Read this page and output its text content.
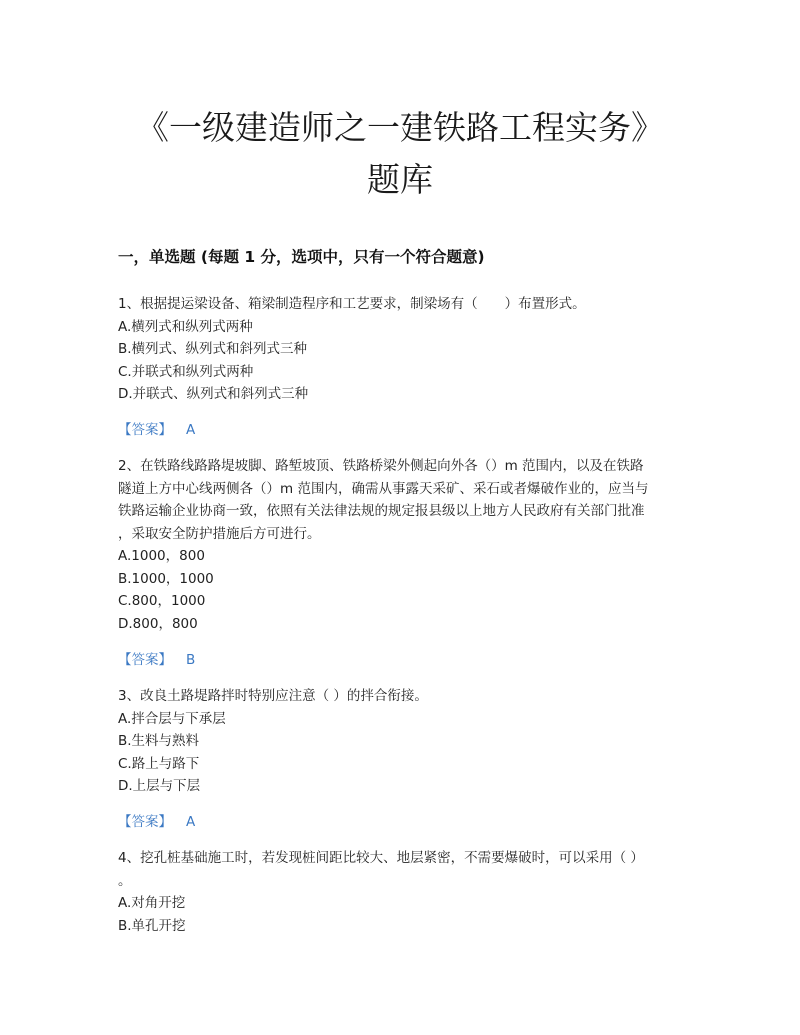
《一级建造师之一建铁路工程实务》
题库
一，单选题 (每题 1 分，选项中，只有一个符合题意)

1、根据提运梁设备、箱梁制造程序和工艺要求，制梁场有（　　）布置形式。

A.横列式和纵列式两种

B.横列式、纵列式和斜列式三种

C.并联式和纵列式两种

D.并联式、纵列式和斜列式三种

【答案】 A

2、在铁路线路路堤坡脚、路堑坡顶、铁路桥梁外侧起向外各（）m 范围内，以及在铁路

隧道上方中心线两侧各（）m 范围内，确需从事露天采矿、采石或者爆破作业的，应当与

铁路运输企业协商一致，依照有关法律法规的规定报县级以上地方人民政府有关部门批准

，采取安全防护措施后方可进行。

A.1000，800

B.1000，1000

C.800，1000

D.800，800

【答案】 B

3、改良土路堤路拌时特别应注意（ ）的拌合衔接。

A.拌合层与下承层

B.生料与熟料

C.路上与路下

D.上层与下层

【答案】 A

4、挖孔桩基础施工时，若发现桩间距比较大、地层紧密，不需要爆破时，可以采用（ ）

。

A.对角开挖

B.单孔开挖
